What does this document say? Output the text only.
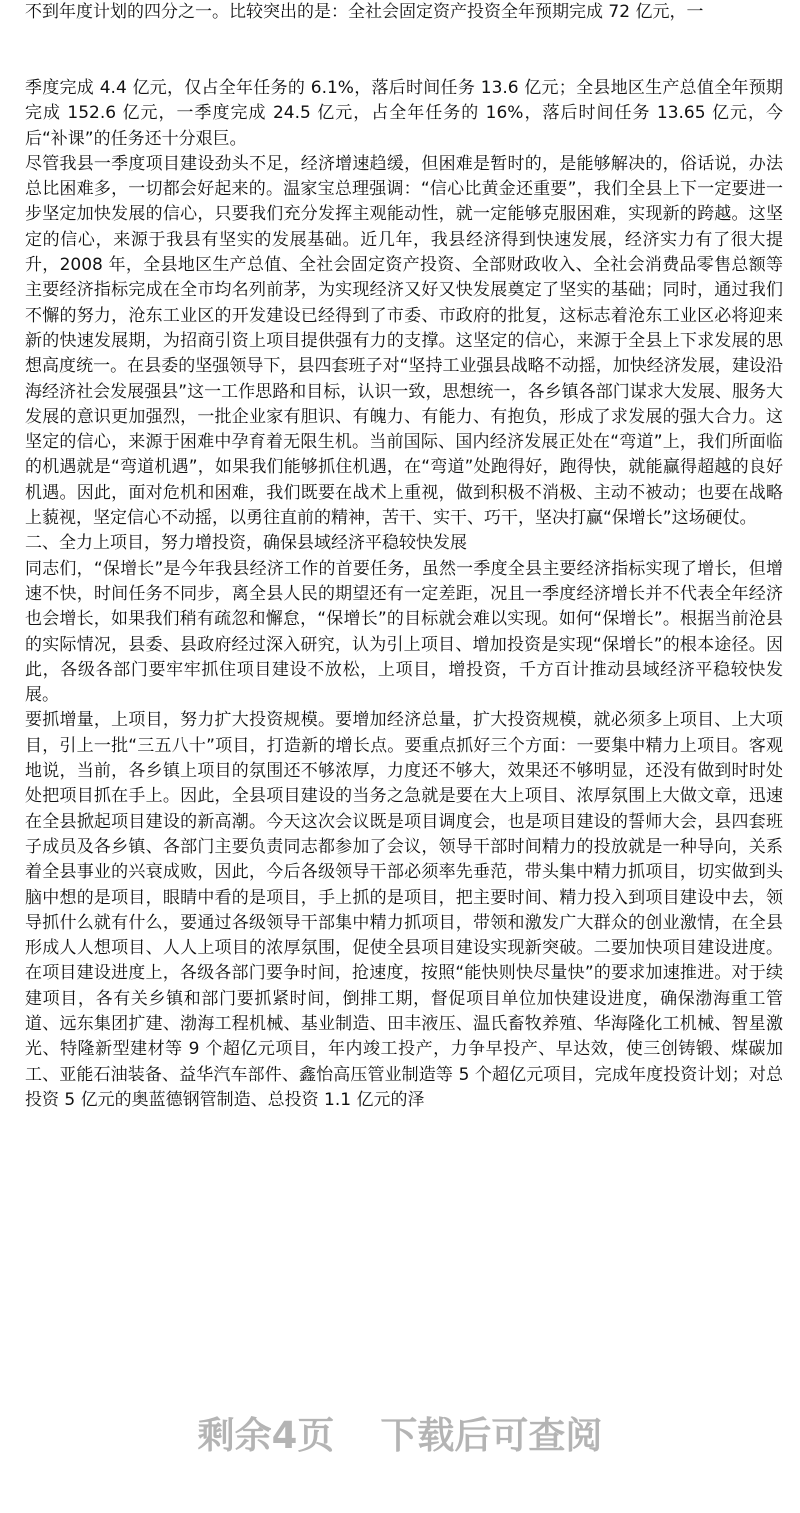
不到年度计划的四分之一。比较突出的是：全社会固定资产投资全年预期完成 72 亿元，一

季度完成 4.4 亿元，仅占全年任务的 6.1%，落后时间任务 13.6 亿元；全县地区生产总值全年预期完成 152.6 亿元，一季度完成 24.5 亿元，占全年任务的 16%，落后时间任务 13.65 亿元，今后“补课”的任务还十分艰巨。

尽管我县一季度项目建设劲头不足，经济增速趋缓，但困难是暂时的，是能够解决的，俗话说，办法总比困难多，一切都会好起来的。温家宝总理强调：“信心比黄金还重要”，我们全县上下一定要进一步坚定加快发展的信心，只要我们充分发挥主观能动性，就一定能够克服困难，实现新的跨越。这坚定的信心，来源于我县有坚实的发展基础。近几年，我县经济得到快速发展，经济实力有了很大提升，2008 年，全县地区生产总值、全社会固定资产投资、全部财政收入、全社会消费品零售总额等主要经济指标完成在全市均名列前茅，为实现经济又好又快发展奠定了坚实的基础；同时，通过我们不懈的努力，沧东工业区的开发建设已经得到了市委、市政府的批复，这标志着沧东工业区必将迎来新的快速发展期，为招商引资上项目提供强有力的支撑。这坚定的信心，来源于全县上下求发展的思想高度统一。在县委的坚强领导下，县四套班子对“坚持工业强县战略不动摇，加快经济发展，建设沿海经济社会发展强县”这一工作思路和目标，认识一致，思想统一，各乡镇各部门谋求大发展、服务大发展的意识更加强烈，一批企业家有胆识、有魄力、有能力、有抱负，形成了求发展的强大合力。这坚定的信心，来源于困难中孕育着无限生机。当前国际、国内经济发展正处在“弯道”上，我们所面临的机遇就是“弯道机遇”，如果我们能够抓住机遇，在“弯道”处跑得好，跑得快，就能赢得超越的良好机遇。因此，面对危机和困难，我们既要在战术上重视，做到积极不消极、主动不被动；也要在战略上藐视，坚定信心不动摇，以勇往直前的精神，苦干、实干、巧干，坚决打赢“保增长”这场硬仗。

二、全力上项目，努力增投资，确保县域经济平稳较快发展

同志们，“保增长”是今年我县经济工作的首要任务，虽然一季度全县主要经济指标实现了增长，但增速不快，时间任务不同步，离全县人民的期望还有一定差距，况且一季度经济增长并不代表全年经济也会增长，如果我们稍有疏忽和懈怠，“保增长”的目标就会难以实现。如何“保增长”。根据当前沧县的实际情况，县委、县政府经过深入研究，认为引上项目、增加投资是实现“保增长”的根本途径。因此，各级各部门要牢牢抓住项目建设不放松，上项目，增投资，千方百计推动县域经济平稳较快发展。

要抓增量，上项目，努力扩大投资规模。要增加经济总量，扩大投资规模，就必须多上项目、上大项目，引上一批“三五八十”项目，打造新的增长点。要重点抓好三个方面：一要集中精力上项目。客观地说，当前，各乡镇上项目的氛围还不够浓厚，力度还不够大，效果还不够明显，还没有做到时时处处把项目抓在手上。因此，全县项目建设的当务之急就是要在大上项目、浓厚氛围上大做文章，迅速在全县掀起项目建设的新高潮。今天这次会议既是项目调度会，也是项目建设的誓师大会，县四套班子成员及各乡镇、各部门主要负责同志都参加了会议，领导干部时间精力的投放就是一种导向，关系着全县事业的兴衰成败，因此，今后各级领导干部必须率先垂范，带头集中精力抓项目，切实做到头脑中想的是项目，眼睛中看的是项目，手上抓的是项目，把主要时间、精力投入到项目建设中去，领导抓什么就有什么，要通过各级领导干部集中精力抓项目，带领和激发广大群众的创业激情，在全县形成人人想项目、人人上项目的浓厚氛围，促使全县项目建设实现新突破。二要加快项目建设进度。在项目建设进度上，各级各部门要争时间，抢速度，按照“能快则快尽量快”的要求加速推进。对于续建项目，各有关乡镇和部门要抓紧时间，倒排工期，督促项目单位加快建设进度，确保渤海重工管道、远东集团扩建、渤海工程机械、基业制造、田丰液压、温氏畜牧养殖、华海隆化工机械、智星激光、特隆新型建材等 9 个超亿元项目，年内竣工投产，力争早投产、早达效，使三创铸锻、煤碳加工、亚能石油装备、益华汽车部件、鑫怡高压管业制造等 5 个超亿元项目，完成年度投资计划；对总投资 5 亿元的奥蓝德钢管制造、总投资 1.1 亿元的泽

剩余4页 下载后可查阅
